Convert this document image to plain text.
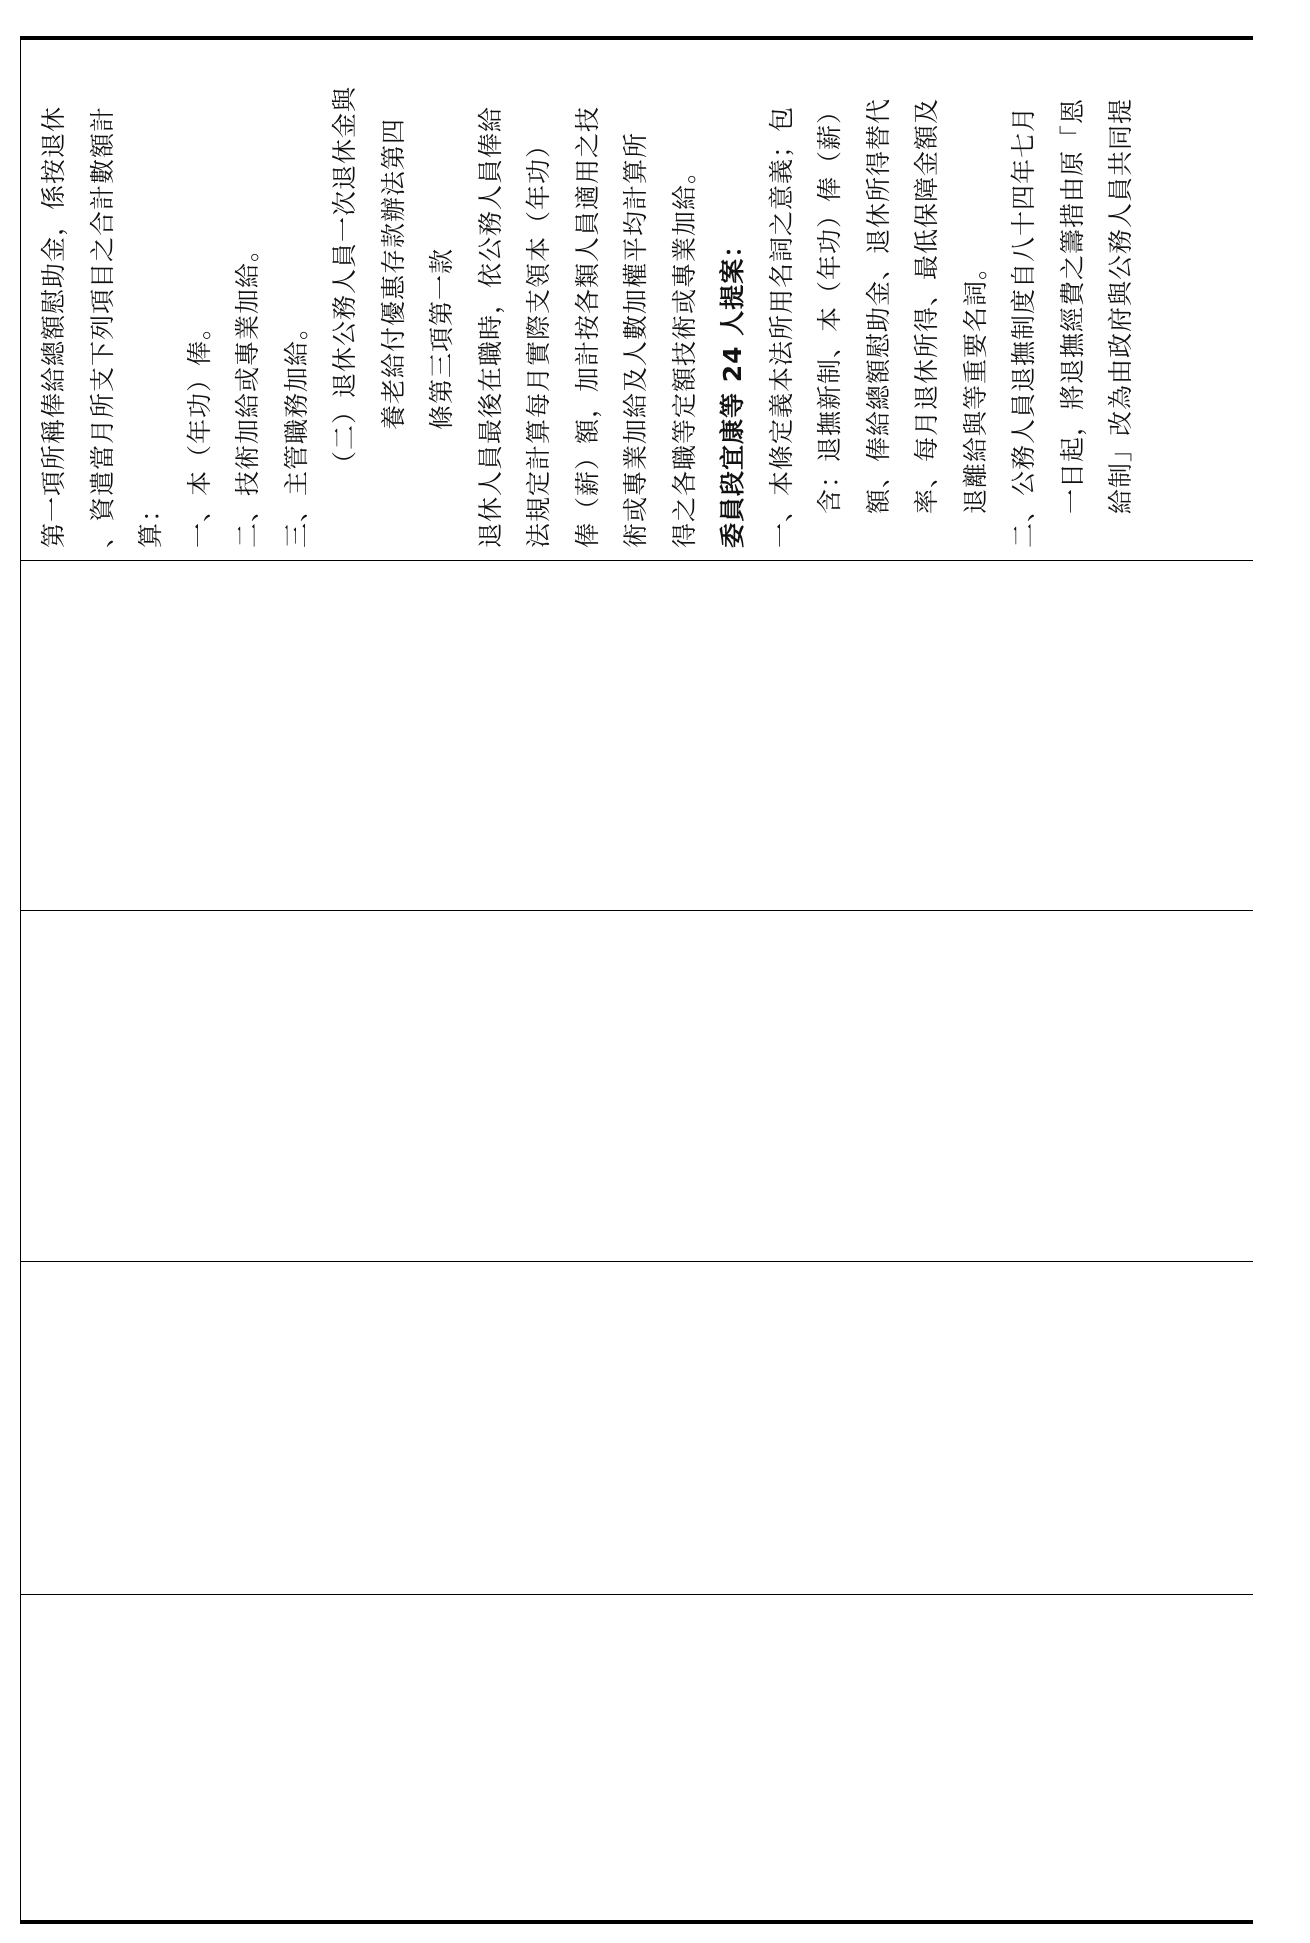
第一項所稱俸給總額慰助金，係按退休 、資遣當月所支下列項目之合計數額計 算： 一、本（年功）俸。 二、技術加給或專業加給。 三、主管職務加給。 （二）退休公務人員一次退休金與 養老給付優惠存款辦法第四 條第三項第一款 退休人員最後在職時，依公務人員俸給 法規定計算每月實際支領本（年功） 俸（薪）額，加計按各類人員適用之技 術或專業加給及人數加權平均計算所 得之各職等定額技術或專業加給。 委員段宜康等 24 人提案： 一、本條定義本法所用名詞之意義；包 含：退撫新制、本（年功）俸（薪） 額、俸給總額慰助金、退休所得替代 率、每月退休所得、最低保障金額及 退離給與等重要名詞。 二、公務人員退撫制度自八十四年七月 一日起，將退撫經費之籌措由原「恩 給制」改為由政府與公務人員共同提
